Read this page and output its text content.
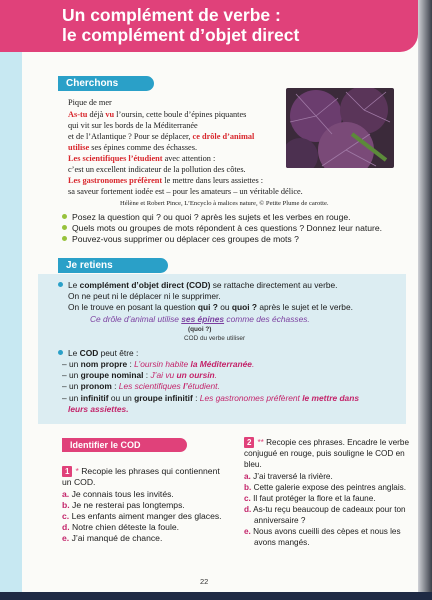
Un complément de verbe :
le complément d’objet direct
Cherchons
Pique de mer
As-tu déjà vu l’oursin, cette boule d’épines piquantes
qui vit sur les bords de la Méditerranée
et de l’Atlantique ? Pour se déplacer, ce drôle d’animal
utilise ses épines comme des échasses.
Les scientifiques l’étudient avec attention :
c’est un excellent indicateur de la pollution des côtes.
Les gastronomes préfèrent le mettre dans leurs assiettes :
sa saveur fortement iodée est – pour les amateurs – un véritable délice.
Hélène et Robert Pince, L’Encyclo à malices nature, © Petite Plume de carotte.
Posez la question qui ? ou quoi ? après les sujets et les verbes en rouge.
Quels mots ou groupes de mots répondent à ces questions ? Donnez leur nature.
Pouvez-vous supprimer ou déplacer ces groupes de mots ?
Je retiens
Le complément d’objet direct (COD) se rattache directement au verbe.
On ne peut ni le déplacer ni le supprimer.
On le trouve en posant la question qui ? ou quoi ? après le sujet et le verbe.
Ce drôle d’animal utilise ses épines comme des échasses.
(quoi ?)
COD du verbe utiliser
Le COD peut être :
– un nom propre : L’oursin habite la Méditerranée.
– un groupe nominal : J’ai vu un oursin.
– un pronom : Les scientifiques l’étudient.
– un infinitif ou un groupe infinitif : Les gastronomes préfèrent le mettre dans
leurs assiettes.
Identifier le COD
1 * Recopie les phrases qui contiennent
un COD.
a. Je connais tous les invités.
b. Je ne resterai pas longtemps.
c. Les enfants aiment manger des glaces.
d. Notre chien déteste la foule.
e. J’ai manqué de chance.
2 ** Recopie ces phrases. Encadre le verbe
conjugué en rouge, puis souligne le COD en
bleu.
a. J’ai traversé la rivière.
b. Cette galerie expose des peintres anglais.
c. Il faut protéger la flore et la faune.
d. As-tu reçu beaucoup de cadeaux pour ton
anniversaire ?
e. Nous avons cueilli des cèpes et nous les
avons mangés.
22
